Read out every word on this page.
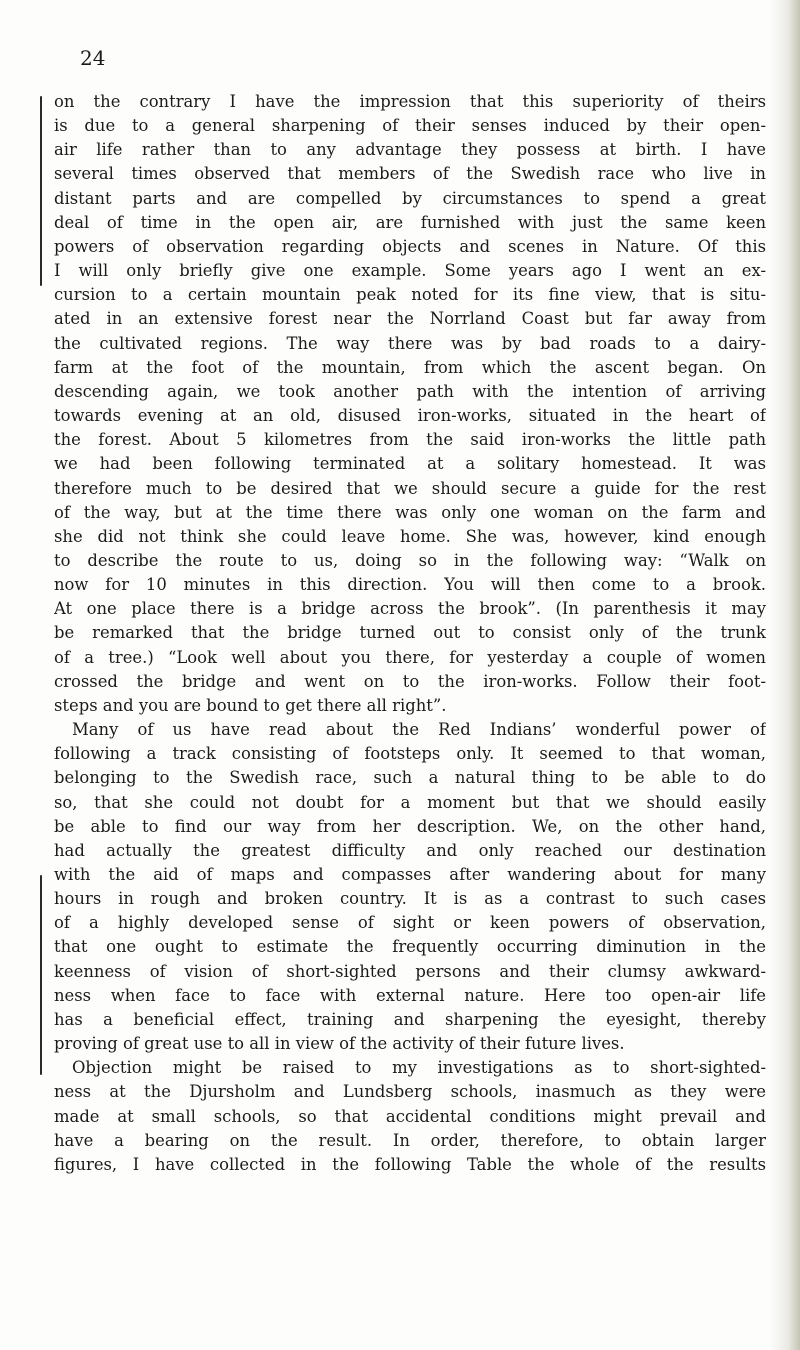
24
on the contrary I have the impression that this superiority of theirs
is due to a general sharpening of their senses induced by their open-
air life rather than to any advantage they possess at birth. I have
several times observed that members of the Swedish race who live in
distant parts and are compelled by circumstances to spend a great
deal of time in the open air, are furnished with just the same keen
powers of observation regarding objects and scenes in Nature. Of this
I will only briefly give one example. Some years ago I went an ex-
cursion to a certain mountain peak noted for its fine view, that is situ-
ated in an extensive forest near the Norrland Coast but far away from
the cultivated regions. The way there was by bad roads to a dairy-
farm at the foot of the mountain, from which the ascent began. On
descending again, we took another path with the intention of arriving
towards evening at an old, disused iron-works, situated in the heart of
the forest. About 5 kilometres from the said iron-works the little path
we had been following terminated at a solitary homestead. It was
therefore much to be desired that we should secure a guide for the rest
of the way, but at the time there was only one woman on the farm and
she did not think she could leave home. She was, however, kind enough
to describe the route to us, doing so in the following way: “Walk on
now for 10 minutes in this direction. You will then come to a brook.
At one place there is a bridge across the brook”. (In parenthesis it may
be remarked that the bridge turned out to consist only of the trunk
of a tree.) “Look well about you there, for yesterday a couple of women
crossed the bridge and went on to the iron-works. Follow their foot-
steps and you are bound to get there all right”.
Many of us have read about the Red Indians’ wonderful power of
following a track consisting of footsteps only. It seemed to that woman,
belonging to the Swedish race, such a natural thing to be able to do
so, that she could not doubt for a moment but that we should easily
be able to find our way from her description. We, on the other hand,
had actually the greatest difficulty and only reached our destination
with the aid of maps and compasses after wandering about for many
hours in rough and broken country. It is as a contrast to such cases
of a highly developed sense of sight or keen powers of observation,
that one ought to estimate the frequently occurring diminution in the
keenness of vision of short-sighted persons and their clumsy awkward-
ness when face to face with external nature. Here too open-air life
has a beneficial effect, training and sharpening the eyesight, thereby
proving of great use to all in view of the activity of their future lives.
Objection might be raised to my investigations as to short-sighted-
ness at the Djursholm and Lundsberg schools, inasmuch as they were
made at small schools, so that accidental conditions might prevail and
have a bearing on the result. In order, therefore, to obtain larger
figures, I have collected in the following Table the whole of the results
